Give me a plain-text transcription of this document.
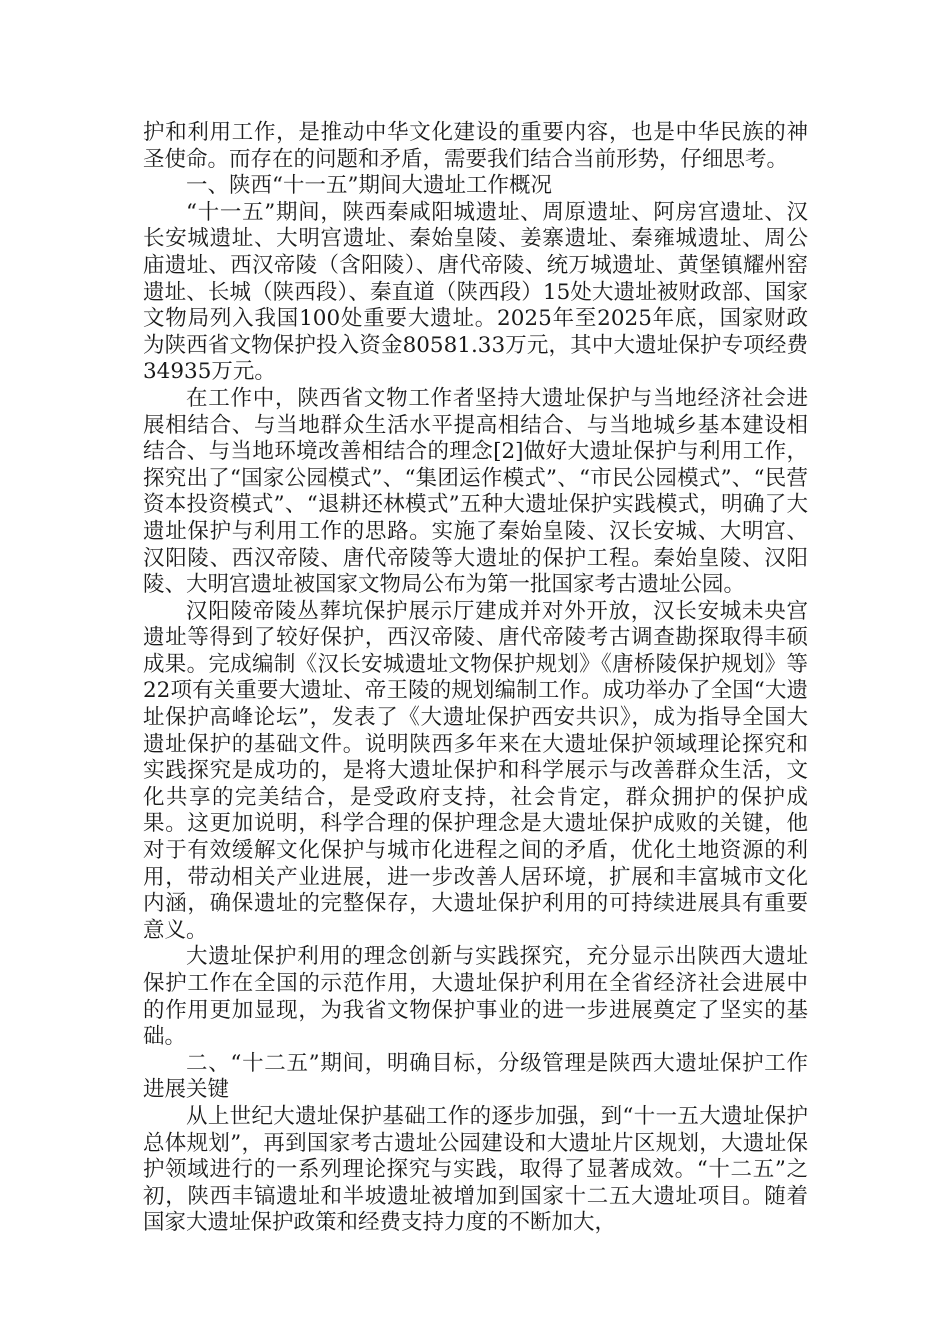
护和利用工作，是推动中华文化建设的重要内容，也是中华民族的神圣使命。而存在的问题和矛盾，需要我们结合当前形势，仔细思考。

一、陕西“十一五”期间大遗址工作概况

“十一五”期间，陕西秦咸阳城遗址、周原遗址、阿房宫遗址、汉长安城遗址、大明宫遗址、秦始皇陵、姜寨遗址、秦雍城遗址、周公庙遗址、西汉帝陵（含阳陵）、唐代帝陵、统万城遗址、黄堡镇耀州窑遗址、长城（陕西段）、秦直道（陕西段）15处大遗址被财政部、国家文物局列入我国100处重要大遗址。2025年至2025年底，国家财政为陕西省文物保护投入资金80581.33万元，其中大遗址保护专项经费34935万元。

在工作中，陕西省文物工作者坚持大遗址保护与当地经济社会进展相结合、与当地群众生活水平提高相结合、与当地城乡基本建设相结合、与当地环境改善相结合的理念[2]做好大遗址保护与利用工作，探究出了“国家公园模式”、“集团运作模式”、“市民公园模式”、“民营资本投资模式”、“退耕还林模式”五种大遗址保护实践模式，明确了大遗址保护与利用工作的思路。实施了秦始皇陵、汉长安城、大明宫、汉阳陵、西汉帝陵、唐代帝陵等大遗址的保护工程。秦始皇陵、汉阳陵、大明宫遗址被国家文物局公布为第一批国家考古遗址公园。

汉阳陵帝陵丛葬坑保护展示厅建成并对外开放，汉长安城未央宫遗址等得到了较好保护，西汉帝陵、唐代帝陵考古调查勘探取得丰硕成果。完成编制《汉长安城遗址文物保护规划》《唐桥陵保护规划》等22项有关重要大遗址、帝王陵的规划编制工作。成功举办了全国“大遗址保护高峰论坛”，发表了《大遗址保护西安共识》，成为指导全国大遗址保护的基础文件。说明陕西多年来在大遗址保护领域理论探究和实践探究是成功的，是将大遗址保护和科学展示与改善群众生活，文化共享的完美结合，是受政府支持，社会肯定，群众拥护的保护成果。这更加说明，科学合理的保护理念是大遗址保护成败的关键，他对于有效缓解文化保护与城市化进程之间的矛盾，优化土地资源的利用，带动相关产业进展，进一步改善人居环境，扩展和丰富城市文化内涵，确保遗址的完整保存，大遗址保护利用的可持续进展具有重要意义。

大遗址保护利用的理念创新与实践探究，充分显示出陕西大遗址保护工作在全国的示范作用，大遗址保护利用在全省经济社会进展中的作用更加显现，为我省文物保护事业的进一步进展奠定了坚实的基础。

二、“十二五”期间，明确目标，分级管理是陕西大遗址保护工作进展关键

从上世纪大遗址保护基础工作的逐步加强，到“十一五大遗址保护总体规划”，再到国家考古遗址公园建设和大遗址片区规划，大遗址保护领域进行的一系列理论探究与实践，取得了显著成效。“十二五”之初，陕西丰镐遗址和半坡遗址被增加到国家十二五大遗址项目。随着国家大遗址保护政策和经费支持力度的不断加大，
